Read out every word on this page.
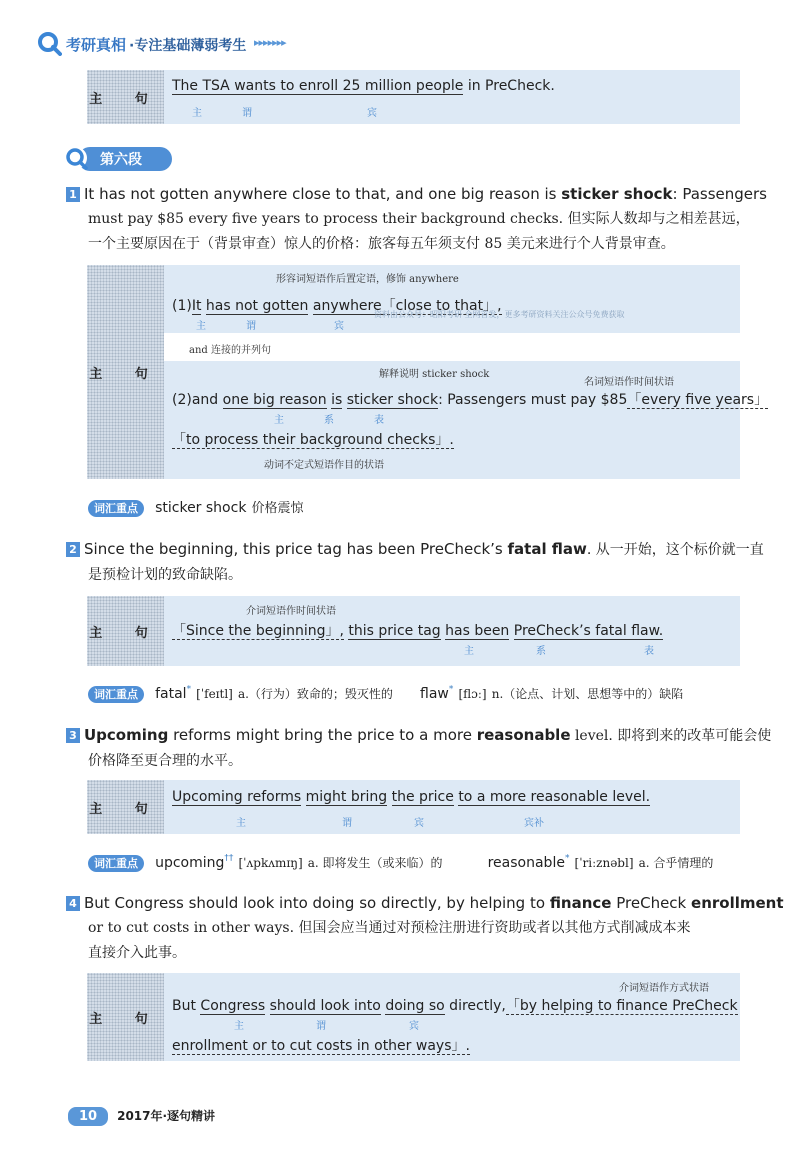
考研真相 ·专注基础薄弱考生 ▸▸▸▸▸▸▸
主 句
The TSA wants to enroll 25 million people in PreCheck.
主	谓	宾
第六段
1 It has not gotten anywhere close to that, and one big reason is sticker shock: Passengers
must pay $85 every five years to process their background checks. 但实际人数却与之相差甚远，
一个主要原因在于（背景审查）惊人的价格：旅客每五年须支付 85 美元来进行个人背景审查。
主 句
形容词短语作后置定语，修饰 anywhere
(1)It has not gotten anywhere「close to that」,
主	谓	宾
资料由公众号：昭阳考研 全网首发，更多考研资料关注公众号免费获取
and 连接的并列句
解释说明 sticker shock
名词短语作时间状语
(2)and one big reason is sticker shock: Passengers must pay $85「every five years」
主	系	表
「to process their background checks」.
动词不定式短语作目的状语
词汇重点 sticker shock 价格震惊
2 Since the beginning, this price tag has been PreCheck’s fatal flaw. 从一开始，这个标价就一直
是预检计划的致命缺陷。
主 句
介词短语作时间状语
「Since the beginning」, this price tag has been PreCheck’s fatal flaw.
主	系	表
词汇重点 fatal* [ˈfeɪtl] a.（行为）致命的；毁灭性的 flaw* [flɔː] n.（论点、计划、思想等中的）缺陷
3 Upcoming reforms might bring the price to a more reasonable level. 即将到来的改革可能会使
价格降至更合理的水平。
主 句
Upcoming reforms might bring the price to a more reasonable level.
主	谓	宾	宾补
词汇重点 upcoming†† [ˈʌpkʌmɪŋ] a. 即将发生（或来临）的	reasonable* [ˈriːznəbl] a. 合乎情理的
4 But Congress should look into doing so directly, by helping to finance PreCheck enrollment
or to cut costs in other ways. 但国会应当通过对预检注册进行资助或者以其他方式削减成本来
直接介入此事。
主 句
介词短语作方式状语
But Congress should look into doing so directly,「by helping to finance PreCheck
主	谓	宾
enrollment or to cut costs in other ways」.
10 2017年·逐句精讲
